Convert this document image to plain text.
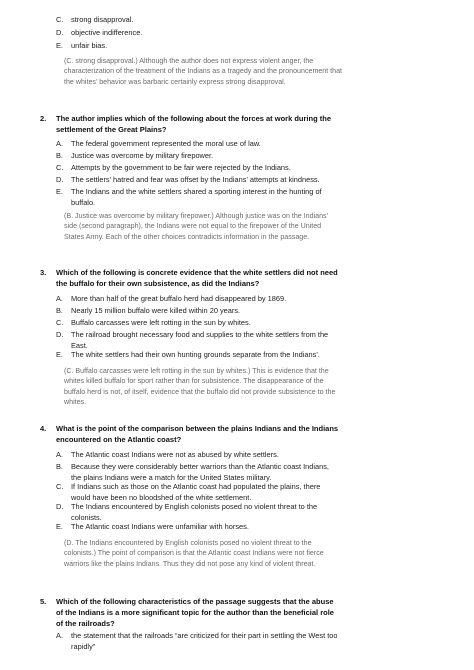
C. strong disapproval.
D. objective indifference.
E. unfair bias.
(C. strong disapproval.) Although the author does not express violent anger, the characterization of the treatment of the Indians as a tragedy and the pronouncement that the whites’ behavior was barbaric certainly express strong disapproval.
2. The author implies which of the following about the forces at work during the settlement of the Great Plains?
A. The federal government represented the moral use of law.
B. Justice was overcome by military firepower.
C. Attempts by the government to be fair were rejected by the Indians.
D. The settlers’ hatred and fear was offset by the Indians’ attempts at kindness.
E. The Indians and the white settlers shared a sporting interest in the hunting of buffalo.
(B. Justice was overcome by military firepower.) Although justice was on the Indians’ side (second paragraph), the Indians were not equal to the firepower of the United States Army. Each of the other choices contradicts information in the passage.
3. Which of the following is concrete evidence that the white settlers did not need the buffalo for their own subsistence, as did the Indians?
A. More than half of the great buffalo herd had disappeared by 1869.
B. Nearly 15 million buffalo were killed within 20 years.
C. Buffalo carcasses were left rotting in the sun by whites.
D. The railroad brought necessary food and supplies to the white settlers from the East.
E. The white settlers had their own hunting grounds separate from the Indians’.
(C. Buffalo carcasses were left rotting in the sun by whites.) This is evidence that the whites killed buffalo for sport rather than for subsistence. The disappearance of the buffalo herd is not, of itself, evidence that the buffalo did not provide subsistence to the whites.
4. What is the point of the comparison between the plains Indians and the Indians encountered on the Atlantic coast?
A. The Atlantic coast Indians were not as abused by white settlers.
B. Because they were considerably better warriors than the Atlantic coast Indians, the plains Indians were a match for the United States military.
C. If Indians such as those on the Atlantic coast had populated the plains, there would have been no bloodshed of the white settlement.
D. The Indians encountered by English colonists posed no violent threat to the colonists.
E. The Atlantic coast Indians were unfamiliar with horses.
(D. The Indians encountered by English colonists posed no violent threat to the colonists.) The point of comparison is that the Atlantic coast Indians were not fierce warriors like the plains Indians. Thus they did not pose any kind of violent threat.
5. Which of the following characteristics of the passage suggests that the abuse of the Indians is a more significant topic for the author than the beneficial role of the railroads?
A. the statement that the railroads “are criticized for their part in settling the West too rapidly”
